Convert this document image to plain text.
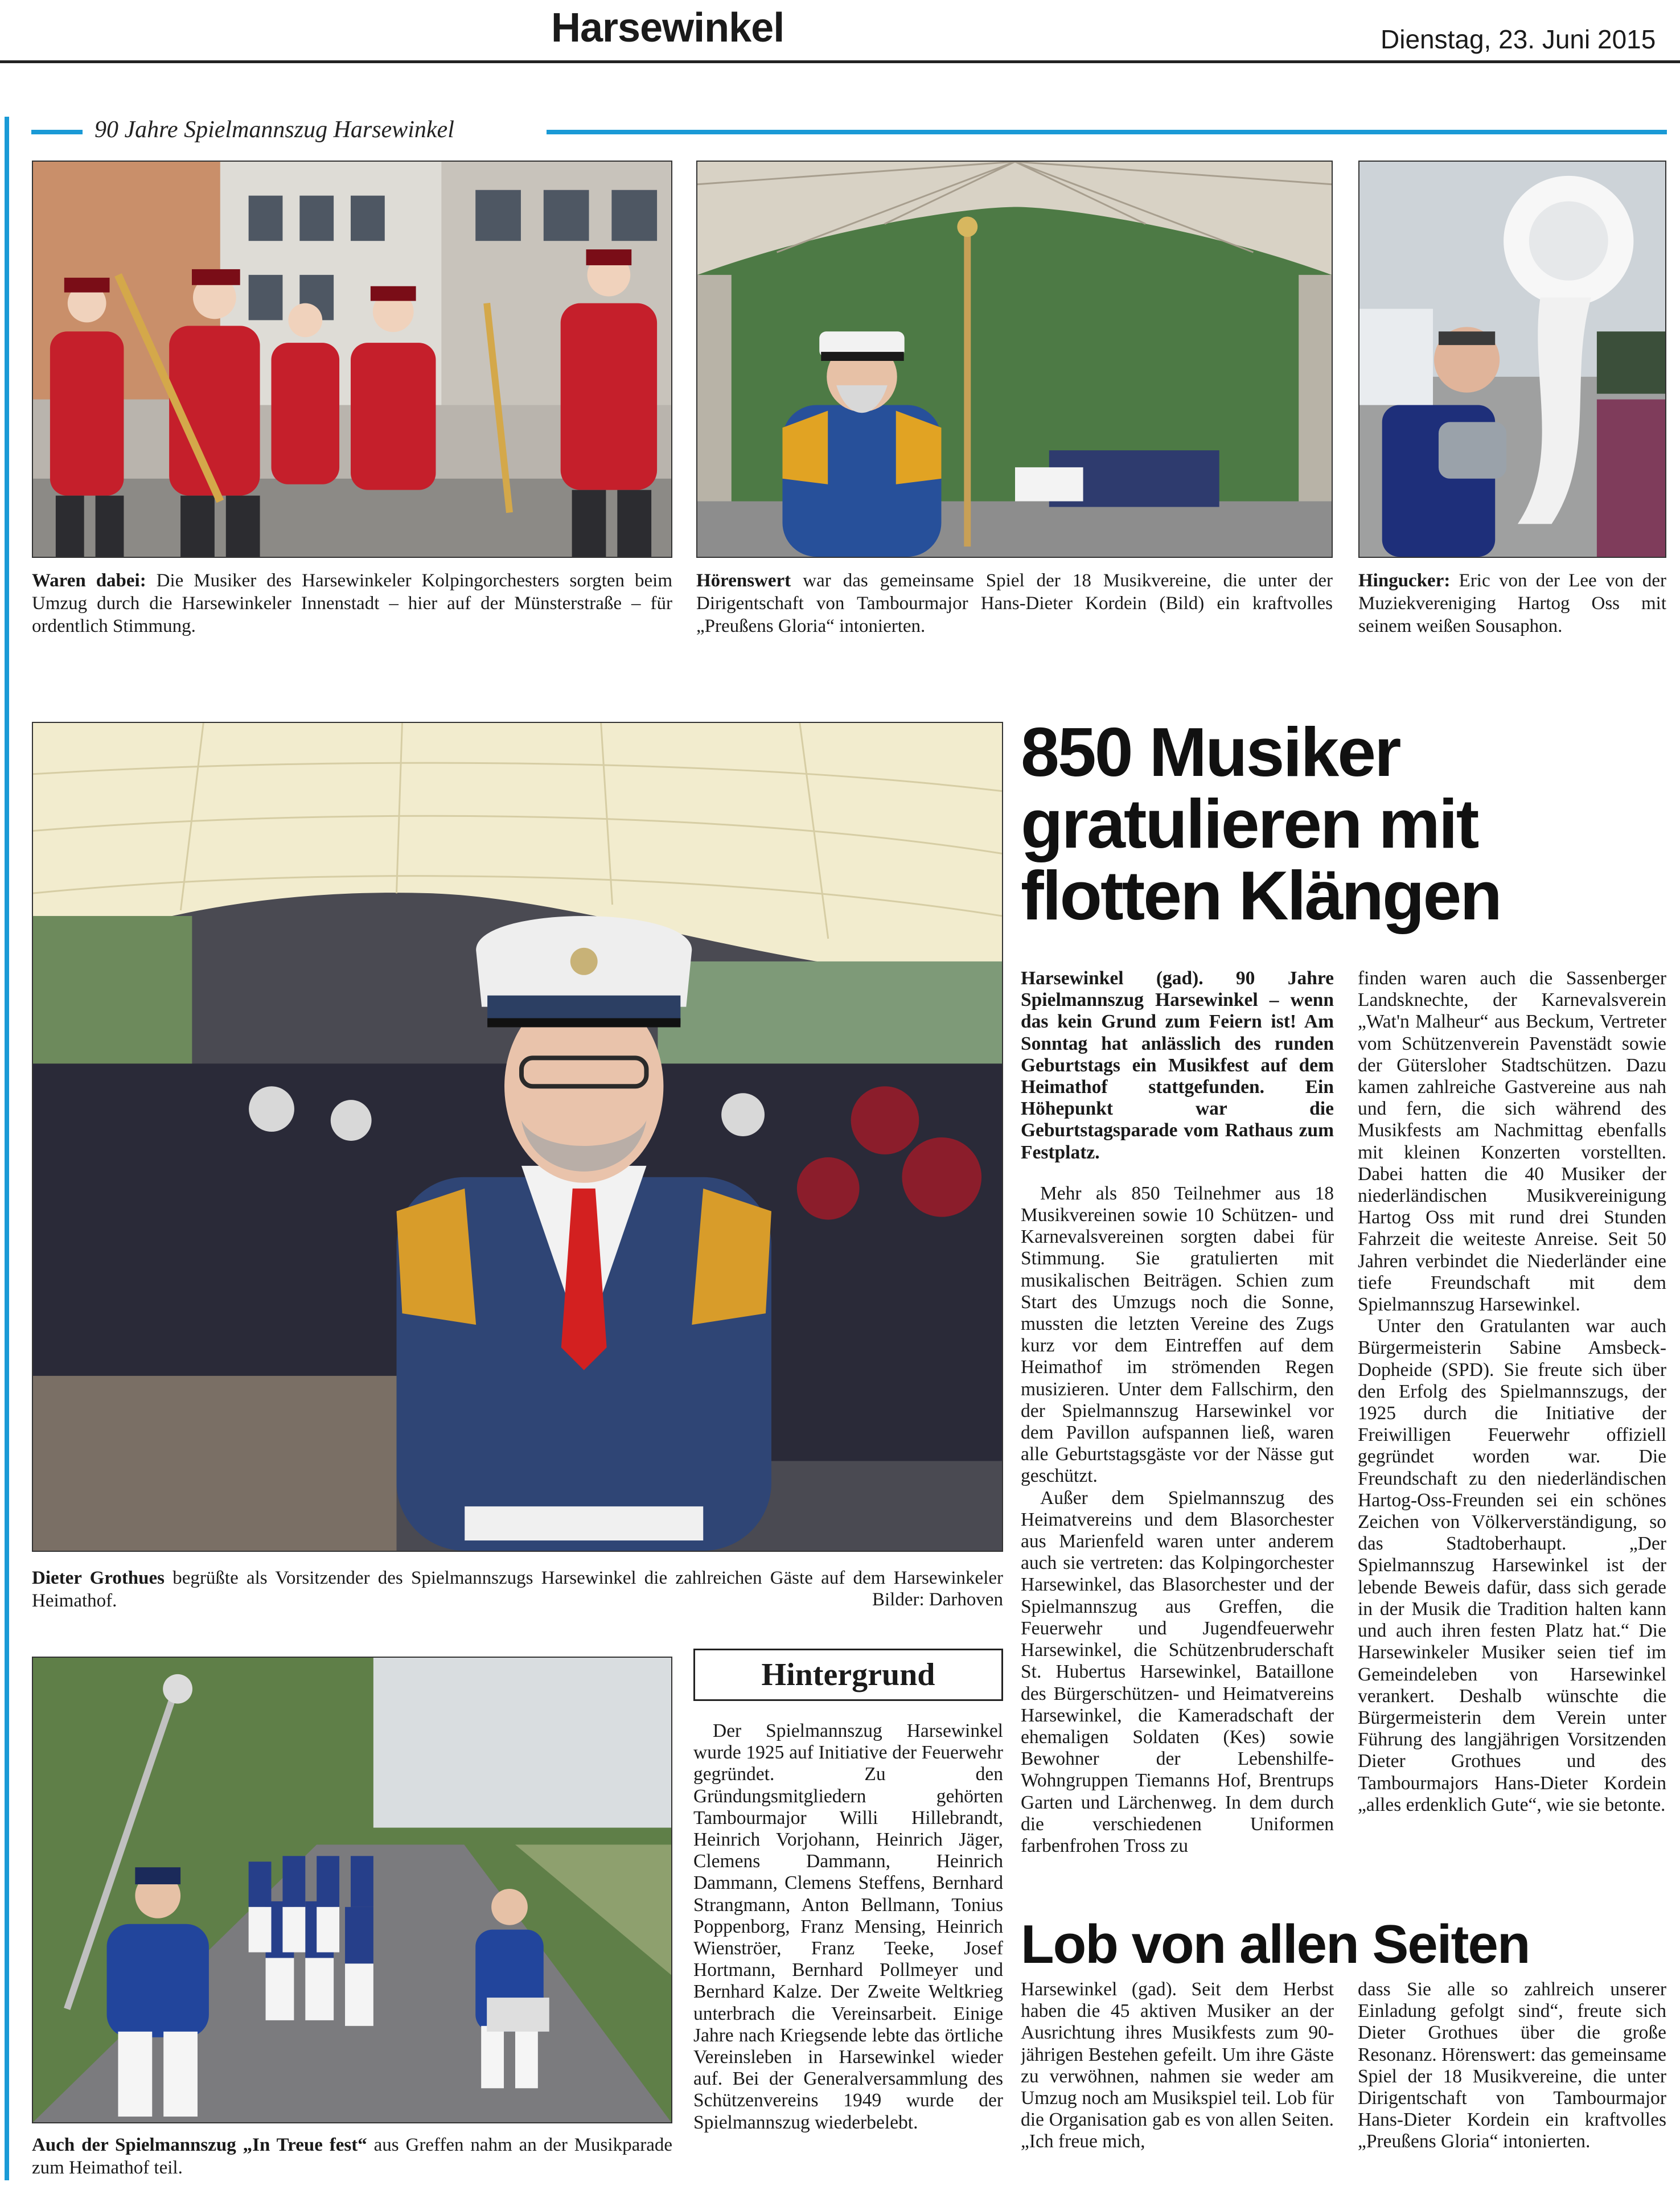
Harsewinkel	Dienstag, 23. Juni 2015
90 Jahre Spielmannszug Harsewinkel
Waren dabei: Die Musiker des Harsewinkeler Kolpingorchesters sorgten beim Umzug durch die Harsewinkeler Innenstadt – hier auf der Münsterstraße – für ordentlich Stimmung.
Hörenswert war das gemeinsame Spiel der 18 Musikvereine, die unter der Dirigentschaft von Tambourmajor Hans-Dieter Kordein (Bild) ein kraftvolles „Preußens Gloria“ intonierten.
Hingucker: Eric von der Lee von der Muziekvereniging Hartog Oss mit seinem weißen Sousaphon.
Dieter Grothues begrüßte als Vorsitzender des Spielmannszugs Harsewinkel die zahlreichen Gäste auf dem Harsewinkeler Heimathof.	Bilder: Darhoven
Auch der Spielmannszug „In Treue fest“ aus Greffen nahm an der Musikparade zum Heimathof teil.
850 Musiker
gratulieren mit
flotten Klängen

Harsewinkel (gad). 90 Jahre Spielmannszug Harsewinkel – wenn das kein Grund zum Feiern ist! Am Sonntag hat anlässlich des runden Geburtstags ein Musikfest auf dem Heimathof stattgefunden. Ein Höhepunkt war die Geburtstagsparade vom Rathaus zum Festplatz.

Mehr als 850 Teilnehmer aus 18 Musikvereinen sowie 10 Schützen- und Karnevalsvereinen sorgten dabei für Stimmung. Sie gratulierten mit musikalischen Beiträgen. Schien zum Start des Umzugs noch die Sonne, mussten die letzten Vereine des Zugs kurz vor dem Eintreffen auf dem Heimathof im strömenden Regen musizieren. Unter dem Fallschirm, den der Spielmannszug Harsewinkel vor dem Pavillon aufspannen ließ, waren alle Geburtstagsgäste vor der Nässe gut geschützt.

Außer dem Spielmannszug des Heimatvereins und dem Blasorchester aus Marienfeld waren unter anderem auch sie vertreten: das Kolpingorchester Harsewinkel, das Blasorchester und der Spielmannszug aus Greffen, die Feuerwehr und Jugendfeuerwehr Harsewinkel, die Schützenbruderschaft St. Hubertus Harsewinkel, Bataillone des Bürgerschützen- und Heimatvereins Harsewinkel, die Kameradschaft der ehemaligen Soldaten (Kes) sowie Bewohner der Lebenshilfe-Wohngruppen Tiemanns Hof, Brentrups Garten und Lärchenweg. In dem durch die verschiedenen Uniformen farbenfrohen Tross zu

finden waren auch die Sassenberger Landsknechte, der Karnevalsverein „Wat'n Malheur“ aus Beckum, Vertreter vom Schützenverein Pavenstädt sowie der Gütersloher Stadtschützen. Dazu kamen zahlreiche Gastvereine aus nah und fern, die sich während des Musikfests am Nachmittag ebenfalls mit kleinen Konzerten vorstellten. Dabei hatten die 40 Musiker der niederländischen Musikvereinigung Hartog Oss mit rund drei Stunden Fahrzeit die weiteste Anreise. Seit 50 Jahren verbindet die Niederländer eine tiefe Freundschaft mit dem Spielmannszug Harsewinkel.

Unter den Gratulanten war auch Bürgermeisterin Sabine Amsbeck-Dopheide (SPD). Sie freute sich über den Erfolg des Spielmannszugs, der 1925 durch die Initiative der Freiwilligen Feuerwehr offiziell gegründet worden war. Die Freundschaft zu den niederländischen Hartog-Oss-Freunden sei ein schönes Zeichen von Völkerverständigung, so das Stadtoberhaupt. „Der Spielmannszug Harsewinkel ist der lebende Beweis dafür, dass sich gerade in der Musik die Tradition halten kann und auch ihren festen Platz hat.“ Die Harsewinkeler Musiker seien tief im Gemeindeleben von Harsewinkel verankert. Deshalb wünschte die Bürgermeisterin dem Verein unter Führung des langjährigen Vorsitzenden Dieter Grothues und des Tambourmajors Hans-Dieter Kordein „alles erdenklich Gute“, wie sie betonte.

Hintergrund

Der Spielmannszug Harsewinkel wurde 1925 auf Initiative der Feuerwehr gegründet. Zu den Gründungsmitgliedern gehörten Tambourmajor Willi Hillebrandt, Heinrich Vorjohann, Heinrich Jäger, Clemens Dammann, Heinrich Dammann, Clemens Steffens, Bernhard Strangmann, Anton Bellmann, Tonius Poppenborg, Franz Mensing, Heinrich Wienströer, Franz Teeke, Josef Hortmann, Bernhard Pollmeyer und Bernhard Kalze. Der Zweite Weltkrieg unterbrach die Vereinsarbeit. Einige Jahre nach Kriegsende lebte das örtliche Vereinsleben in Harsewinkel wieder auf. Bei der Generalversammlung des Schützenvereins 1949 wurde der Spielmannszug wiederbelebt.

Lob von allen Seiten

Harsewinkel (gad). Seit dem Herbst haben die 45 aktiven Musiker an der Ausrichtung ihres Musikfests zum 90-jährigen Bestehen gefeilt. Um ihre Gäste zu verwöhnen, nahmen sie weder am Umzug noch am Musikspiel teil. Lob für die Organisation gab es von allen Seiten. „Ich freue mich,

dass Sie alle so zahlreich unserer Einladung gefolgt sind“, freute sich Dieter Grothues über die große Resonanz. Hörenswert: das gemeinsame Spiel der 18 Musikvereine, die unter Dirigentschaft von Tambourmajor Hans-Dieter Kordein ein kraftvolles „Preußens Gloria“ intonierten.
